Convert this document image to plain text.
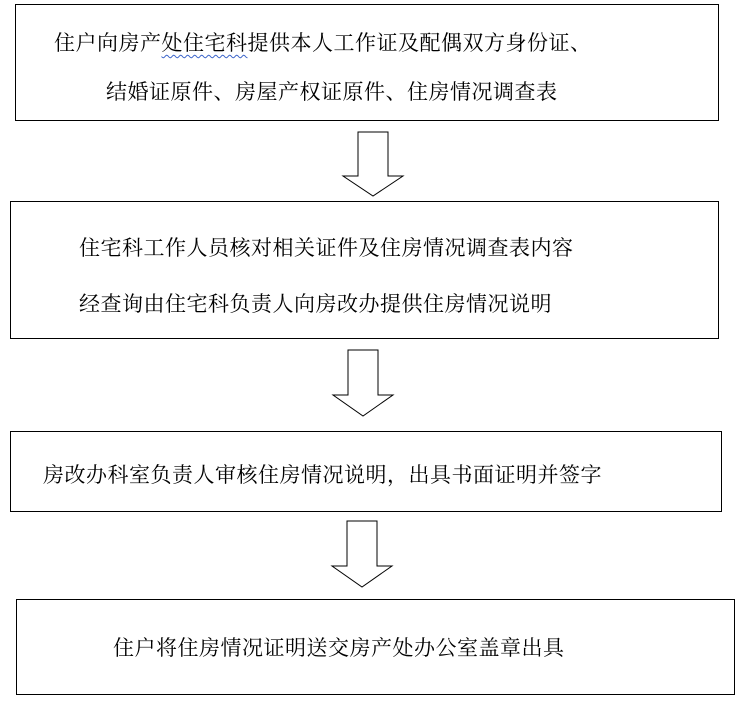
住户向房产处住宅科提供本人工作证及配偶双方身份证、
结婚证原件、房屋产权证原件、住房情况调查表
住宅科工作人员核对相关证件及住房情况调查表内容
经查询由住宅科负责人向房改办提供住房情况说明
房改办科室负责人审核住房情况说明，出具书面证明并签字
住户将住房情况证明送交房产处办公室盖章出具
